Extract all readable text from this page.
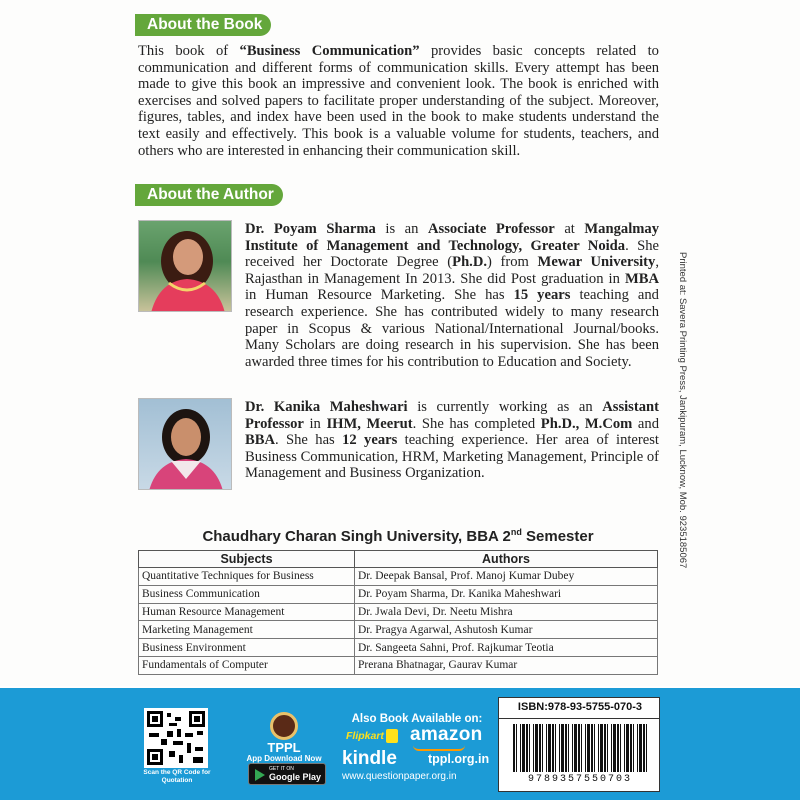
About the Book

This book of “Business Communication” provides basic concepts related to communication and different forms of communication skills. Every attempt has been made to give this book an impressive and convenient look. The book is enriched with exercises and solved papers to facilitate proper understanding of the subject. Moreover, figures, tables, and index have been used in the book to make students understand the text easily and effectively. This book is a valuable volume for students, teachers, and others who are interested in enhancing their communication skill.

About the Author

Dr. Poyam Sharma is an Associate Professor at Mangalmay Institute of Management and Technology, Greater Noida. She received her Doctorate Degree (Ph.D.) from Mewar University, Rajasthan in Management In 2013. She did Post graduation in MBA in Human Resource Marketing. She has 15 years teaching and research experience. She has contributed widely to many research paper in Scopus & various National/International Journal/books. Many Scholars are doing research in his supervision. She has been awarded three times for his contribution to Education and Society.

Dr. Kanika Maheshwari is currently working as an Assistant Professor in IHM, Meerut. She has completed Ph.D., M.Com and BBA. She has 12 years teaching experience. Her area of interest Business Communication, HRM, Marketing Management, Principle of Management and Business Organization.	Printed at: Savera Printing Press, Jankipuram, Lucknow, Mob. 9235185067
Chaudhary Charan Singh University, BBA 2nd Semester
Subjects	Authors
Quantitative Techniques for Business	Dr. Deepak Bansal, Prof. Manoj Kumar Dubey
Business Communication	Dr. Poyam Sharma, Dr. Kanika Maheshwari
Human Resource Management	Dr. Jwala Devi, Dr. Neetu Mishra
Marketing Management	Dr. Pragya Agarwal, Ashutosh Kumar
Business Environment	Dr. Sangeeta Sahni, Prof. Rajkumar Teotia
Fundamentals of Computer	Prerana Bhatnagar, Gaurav Kumar
Scan the QR Code for Quotation
TPPL
App Download Now
GET IT ON
Google Play
Also Book Available on:
Flipkart amazon
kindle tppl.org.in
www.questionpaper.org.in
ISBN:978-93-5755-070-3
9789357550703
